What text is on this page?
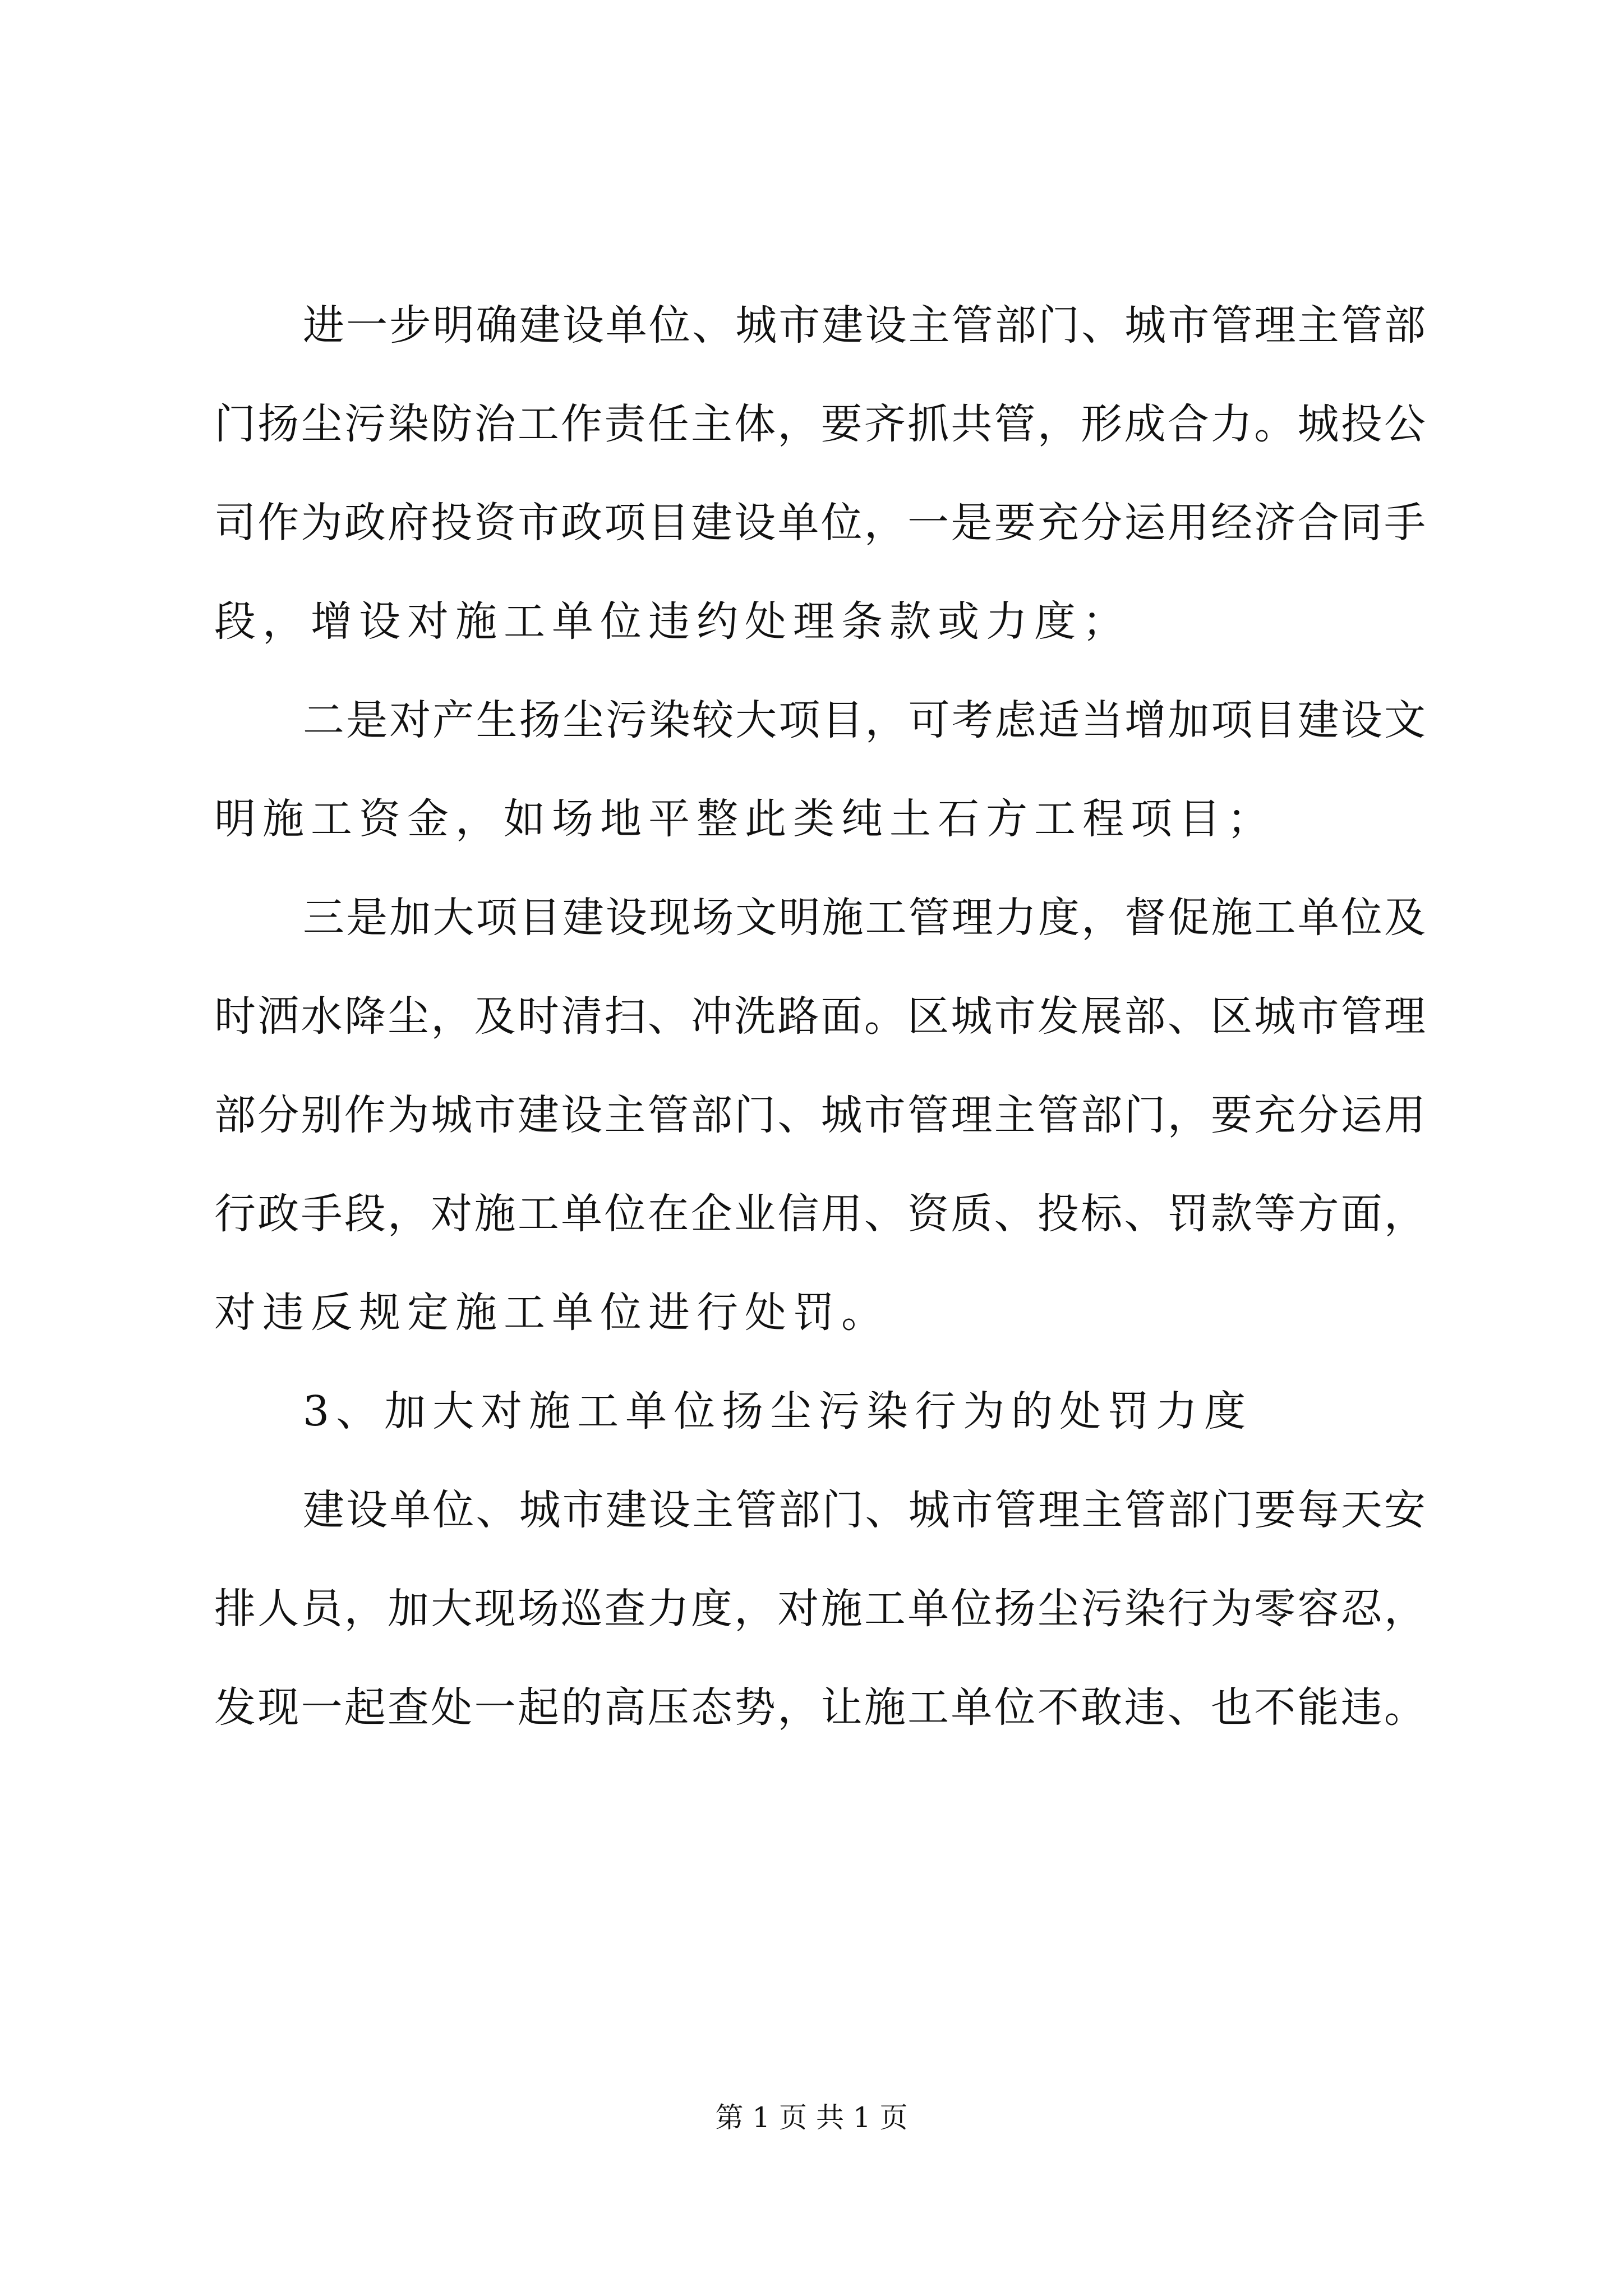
进一步明确建设单位、城市建设主管部门、城市管理主管部
门扬尘污染防治工作责任主体，要齐抓共管，形成合力。城投公
司作为政府投资市政项目建设单位，一是要充分运用经济合同手
段，增设对施工单位违约处理条款或力度；
二是对产生扬尘污染较大项目，可考虑适当增加项目建设文
明施工资金，如场地平整此类纯土石方工程项目；
三是加大项目建设现场文明施工管理力度，督促施工单位及
时洒水降尘，及时清扫、冲洗路面。区城市发展部、区城市管理
部分别作为城市建设主管部门、城市管理主管部门，要充分运用
行政手段，对施工单位在企业信用、资质、投标、罚款等方面，
对违反规定施工单位进行处罚。
3、加大对施工单位扬尘污染行为的处罚力度
建设单位、城市建设主管部门、城市管理主管部门要每天安
排人员，加大现场巡查力度，对施工单位扬尘污染行为零容忍，
发现一起查处一起的高压态势，让施工单位不敢违、也不能违。
第 1 页 共 1 页
